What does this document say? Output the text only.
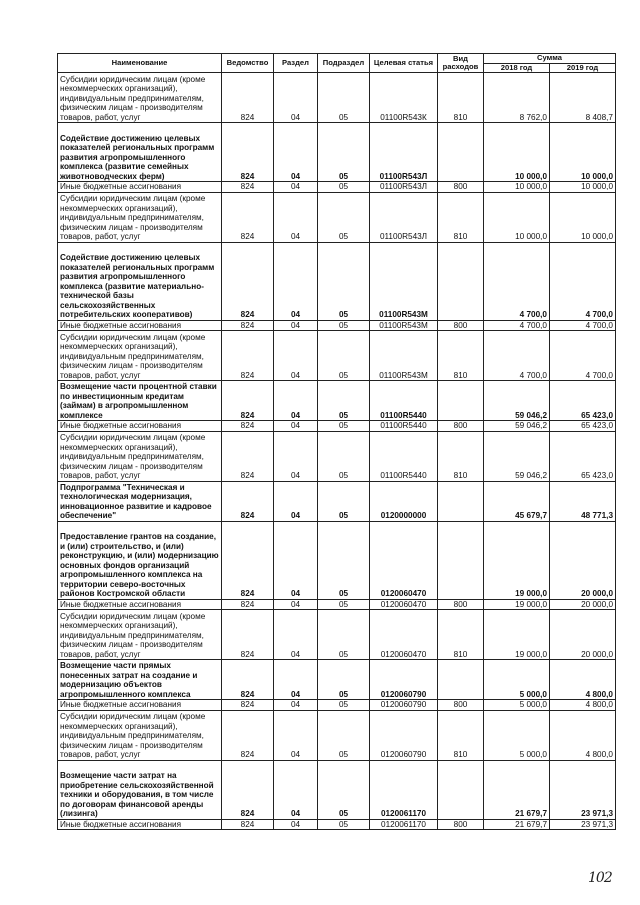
Наименование	Ведомство	Раздел	Подраздел	Целевая статья	Вид расходов	Сумма	
						2018 год	2019 год
Субсидии юридическим лицам (кроме некоммерческих организаций), индивидуальным предпринимателям, физическим лицам - производителям товаров, работ, услуг	824	04	05	01100R543К	810	8 762,0	8 408,7
Содействие достижению целевых показателей региональных программ развития агропромышленного комплекса (развитие семейных животноводческих ферм)	824	04	05	01100R543Л		10 000,0	10 000,0
Иные бюджетные ассигнования	824	04	05	01100R543Л	800	10 000,0	10 000,0
Субсидии юридическим лицам (кроме некоммерческих организаций), индивидуальным предпринимателям, физическим лицам - производителям товаров, работ, услуг	824	04	05	01100R543Л	810	10 000,0	10 000,0
Содействие достижению целевых показателей региональных программ развития агропромышленного комплекса (развитие материально-технической базы сельскохозяйственных потребительских кооперативов)	824	04	05	01100R543М		4 700,0	4 700,0
Иные бюджетные ассигнования	824	04	05	01100R543М	800	4 700,0	4 700,0
Субсидии юридическим лицам (кроме некоммерческих организаций), индивидуальным предпринимателям, физическим лицам - производителям товаров, работ, услуг	824	04	05	01100R543М	810	4 700,0	4 700,0
Возмещение части процентной ставки по инвестиционным кредитам (займам) в агропромышленном комплексе	824	04	05	01100R5440		59 046,2	65 423,0
Иные бюджетные ассигнования	824	04	05	01100R5440	800	59 046,2	65 423,0
Субсидии юридическим лицам (кроме некоммерческих организаций), индивидуальным предпринимателям, физическим лицам - производителям товаров, работ, услуг	824	04	05	01100R5440	810	59 046,2	65 423,0
Подпрограмма "Техническая и технологическая модернизация, инновационное развитие и кадровое обеспечение"	824	04	05	0120000000		45 679,7	48 771,3
Предоставление грантов на создание, и (или) строительство, и (или) реконструкцию, и (или) модернизацию основных фондов организаций агропромышленного комплекса на территории северо-восточных районов Костромской области	824	04	05	0120060470		19 000,0	20 000,0
Иные бюджетные ассигнования	824	04	05	0120060470	800	19 000,0	20 000,0
Субсидии юридическим лицам (кроме некоммерческих организаций), индивидуальным предпринимателям, физическим лицам - производителям товаров, работ, услуг	824	04	05	0120060470	810	19 000,0	20 000,0
Возмещение части прямых понесенных затрат на создание и модернизацию объектов агропромышленного комплекса	824	04	05	0120060790		5 000,0	4 800,0
Иные бюджетные ассигнования	824	04	05	0120060790	800	5 000,0	4 800,0
Субсидии юридическим лицам (кроме некоммерческих организаций), индивидуальным предпринимателям, физическим лицам - производителям товаров, работ, услуг	824	04	05	0120060790	810	5 000,0	4 800,0
Возмещение части затрат на приобретение сельскохозяйственной техники и оборудования, в том числе по договорам финансовой аренды (лизинга)	824	04	05	0120061170		21 679,7	23 971,3
Иные бюджетные ассигнования	824	04	05	0120061170	800	21 679,7	23 971,3
102
